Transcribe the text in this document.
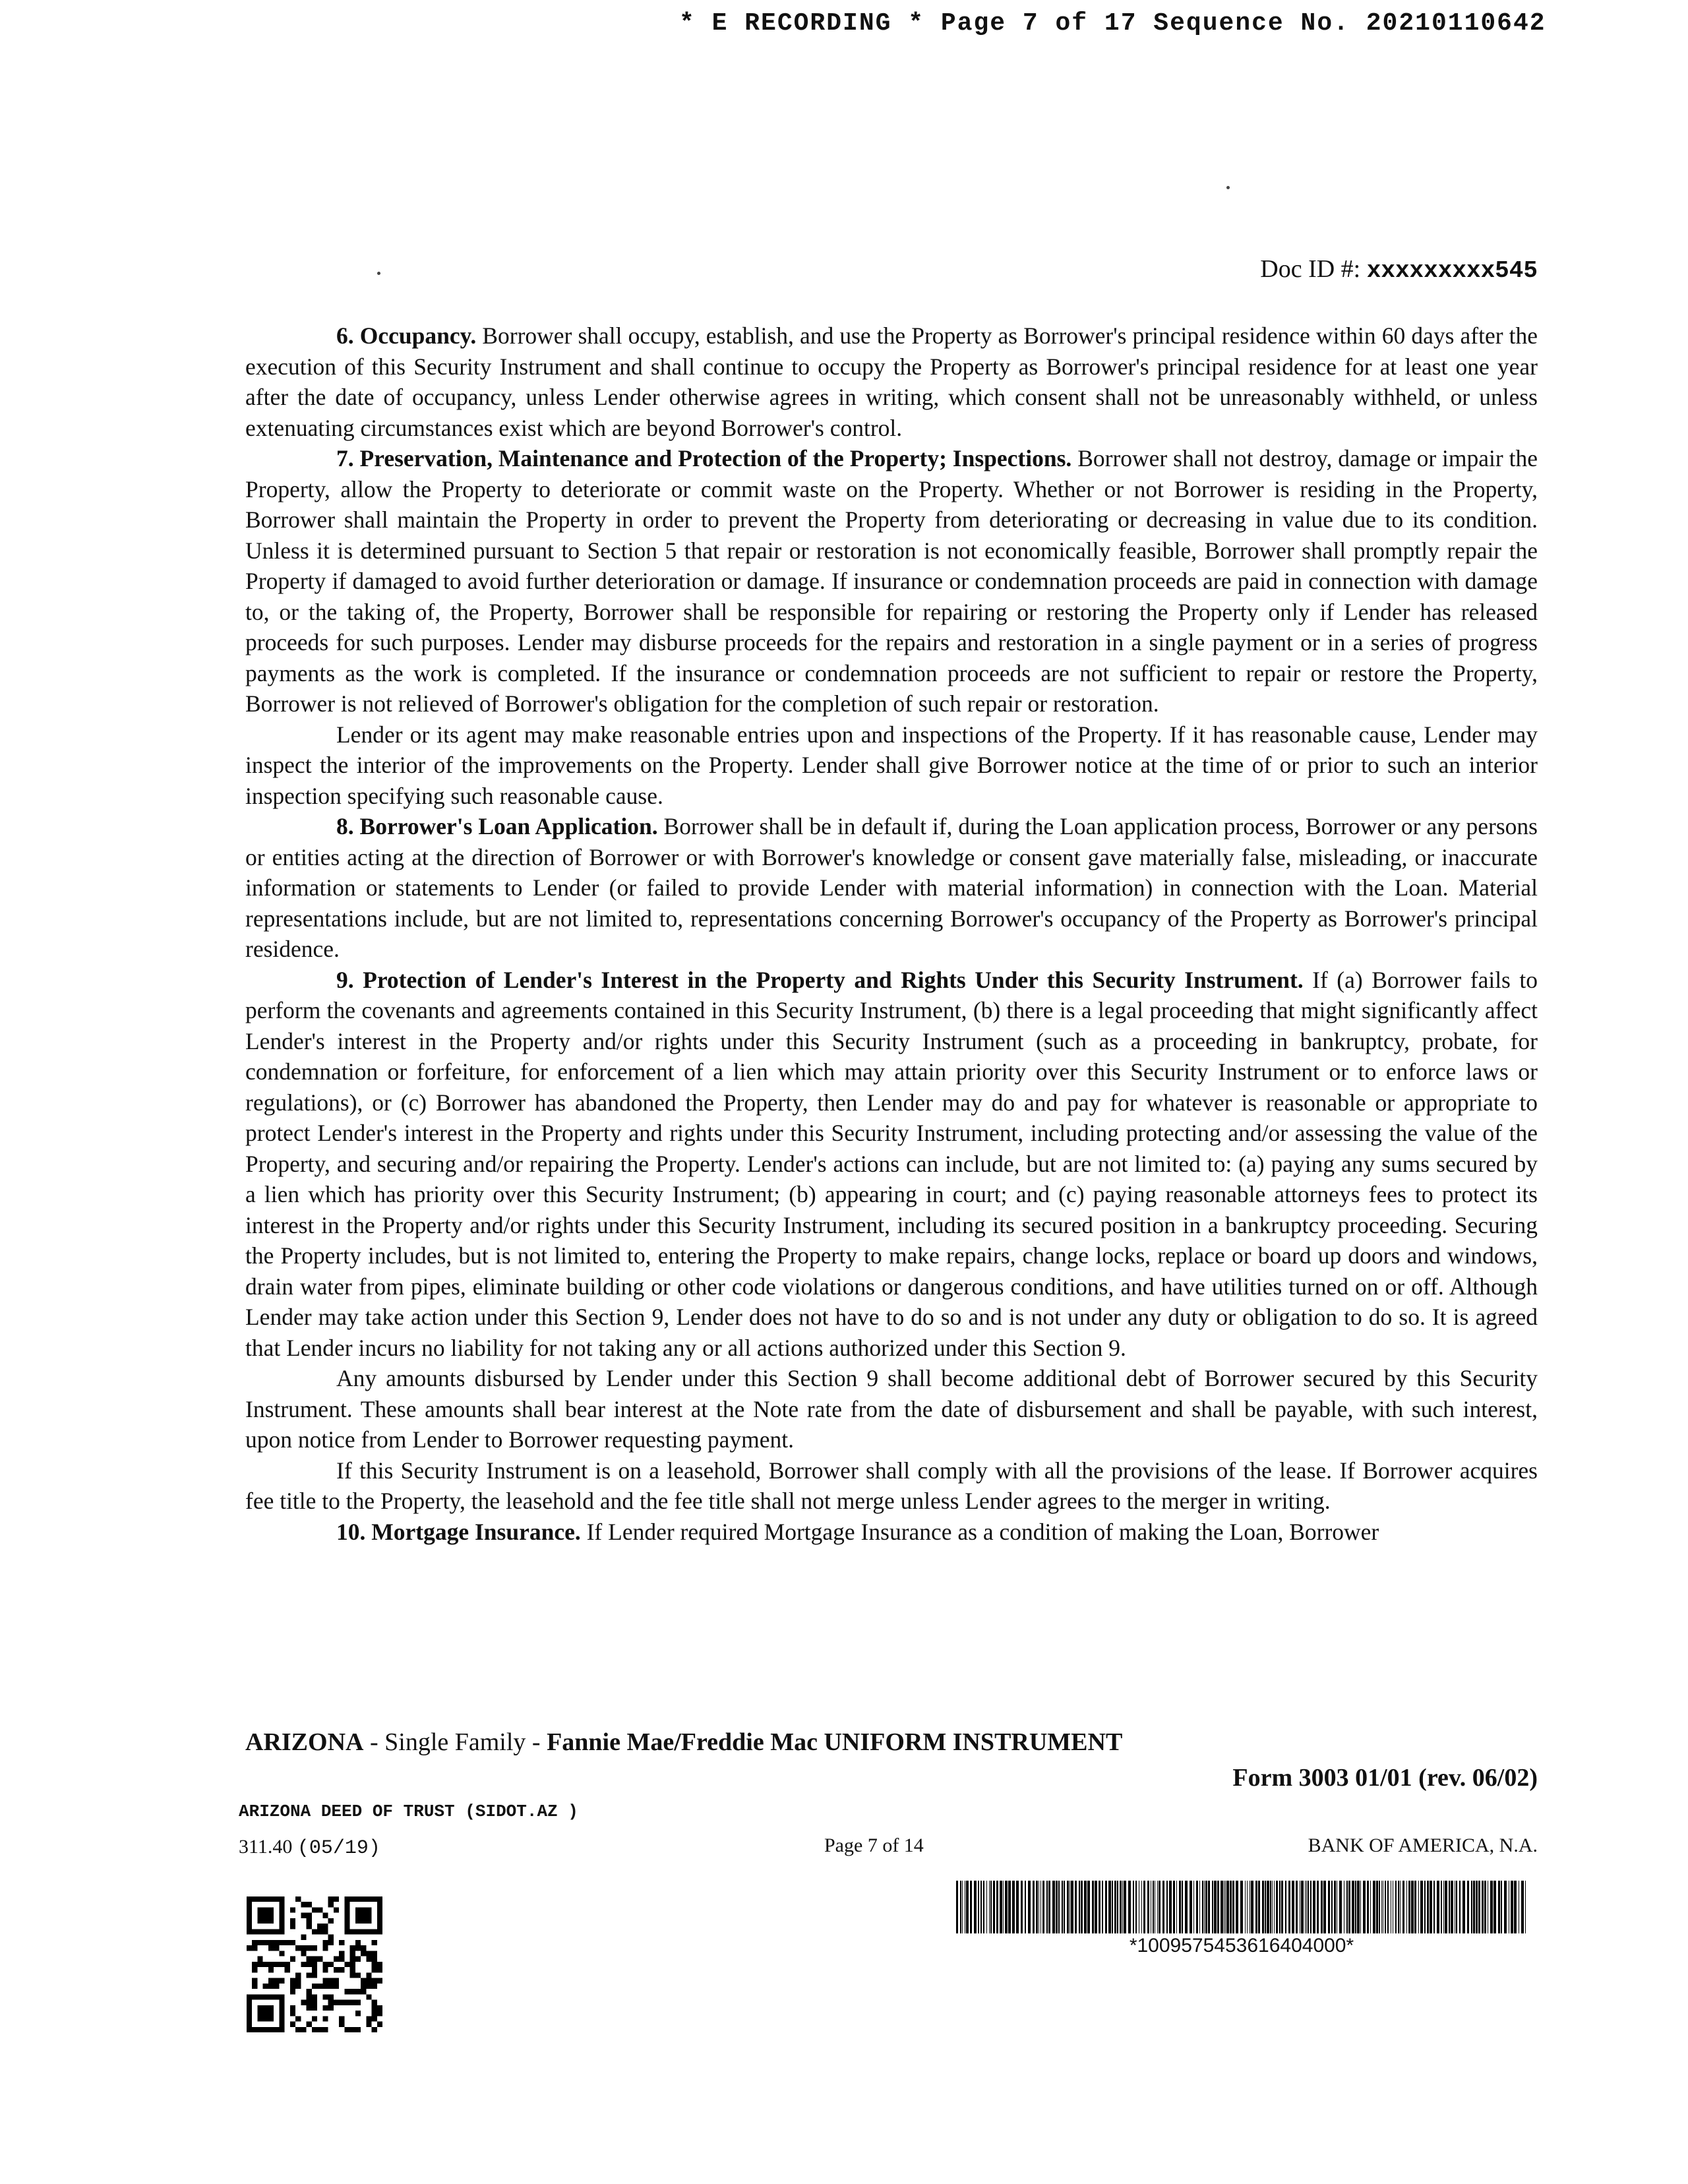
* E RECORDING * Page 7 of 17 Sequence No. 20210110642
Doc ID #: xxxxxxxxx545

6. Occupancy. Borrower shall occupy, establish, and use the Property as Borrower's principal residence within 60 days after the execution of this Security Instrument and shall continue to occupy the Property as Borrower's principal residence for at least one year after the date of occupancy, unless Lender otherwise agrees in writing, which consent shall not be unreasonably withheld, or unless extenuating circumstances exist which are beyond Borrower's control.

7. Preservation, Maintenance and Protection of the Property; Inspections. Borrower shall not destroy, damage or impair the Property, allow the Property to deteriorate or commit waste on the Property. Whether or not Borrower is residing in the Property, Borrower shall maintain the Property in order to prevent the Property from deteriorating or decreasing in value due to its condition. Unless it is determined pursuant to Section 5 that repair or restoration is not economically feasible, Borrower shall promptly repair the Property if damaged to avoid further deterioration or damage. If insurance or condemnation proceeds are paid in connection with damage to, or the taking of, the Property, Borrower shall be responsible for repairing or restoring the Property only if Lender has released proceeds for such purposes. Lender may disburse proceeds for the repairs and restoration in a single payment or in a series of progress payments as the work is completed. If the insurance or condemnation proceeds are not sufficient to repair or restore the Property, Borrower is not relieved of Borrower's obligation for the completion of such repair or restoration.

Lender or its agent may make reasonable entries upon and inspections of the Property. If it has reasonable cause, Lender may inspect the interior of the improvements on the Property. Lender shall give Borrower notice at the time of or prior to such an interior inspection specifying such reasonable cause.

8. Borrower's Loan Application. Borrower shall be in default if, during the Loan application process, Borrower or any persons or entities acting at the direction of Borrower or with Borrower's knowledge or consent gave materially false, misleading, or inaccurate information or statements to Lender (or failed to provide Lender with material information) in connection with the Loan. Material representations include, but are not limited to, representations concerning Borrower's occupancy of the Property as Borrower's principal residence.

9. Protection of Lender's Interest in the Property and Rights Under this Security Instrument. If (a) Borrower fails to perform the covenants and agreements contained in this Security Instrument, (b) there is a legal proceeding that might significantly affect Lender's interest in the Property and/or rights under this Security Instrument (such as a proceeding in bankruptcy, probate, for condemnation or forfeiture, for enforcement of a lien which may attain priority over this Security Instrument or to enforce laws or regulations), or (c) Borrower has abandoned the Property, then Lender may do and pay for whatever is reasonable or appropriate to protect Lender's interest in the Property and rights under this Security Instrument, including protecting and/or assessing the value of the Property, and securing and/or repairing the Property. Lender's actions can include, but are not limited to: (a) paying any sums secured by a lien which has priority over this Security Instrument; (b) appearing in court; and (c) paying reasonable attorneys fees to protect its interest in the Property and/or rights under this Security Instrument, including its secured position in a bankruptcy proceeding. Securing the Property includes, but is not limited to, entering the Property to make repairs, change locks, replace or board up doors and windows, drain water from pipes, eliminate building or other code violations or dangerous conditions, and have utilities turned on or off. Although Lender may take action under this Section 9, Lender does not have to do so and is not under any duty or obligation to do so. It is agreed that Lender incurs no liability for not taking any or all actions authorized under this Section 9.

Any amounts disbursed by Lender under this Section 9 shall become additional debt of Borrower secured by this Security Instrument. These amounts shall bear interest at the Note rate from the date of disbursement and shall be payable, with such interest, upon notice from Lender to Borrower requesting payment.

If this Security Instrument is on a leasehold, Borrower shall comply with all the provisions of the lease. If Borrower acquires fee title to the Property, the leasehold and the fee title shall not merge unless Lender agrees to the merger in writing.

10. Mortgage Insurance. If Lender required Mortgage Insurance as a condition of making the Loan, Borrower

ARIZONA - Single Family - Fannie Mae/Freddie Mac UNIFORM INSTRUMENT
Form 3003 01/01 (rev. 06/02)
ARIZONA DEED OF TRUST (SIDOT.AZ )
311.40 (05/19)	Page 7 of 14	BANK OF AMERICA, N.A.
*1009575453616404000*
